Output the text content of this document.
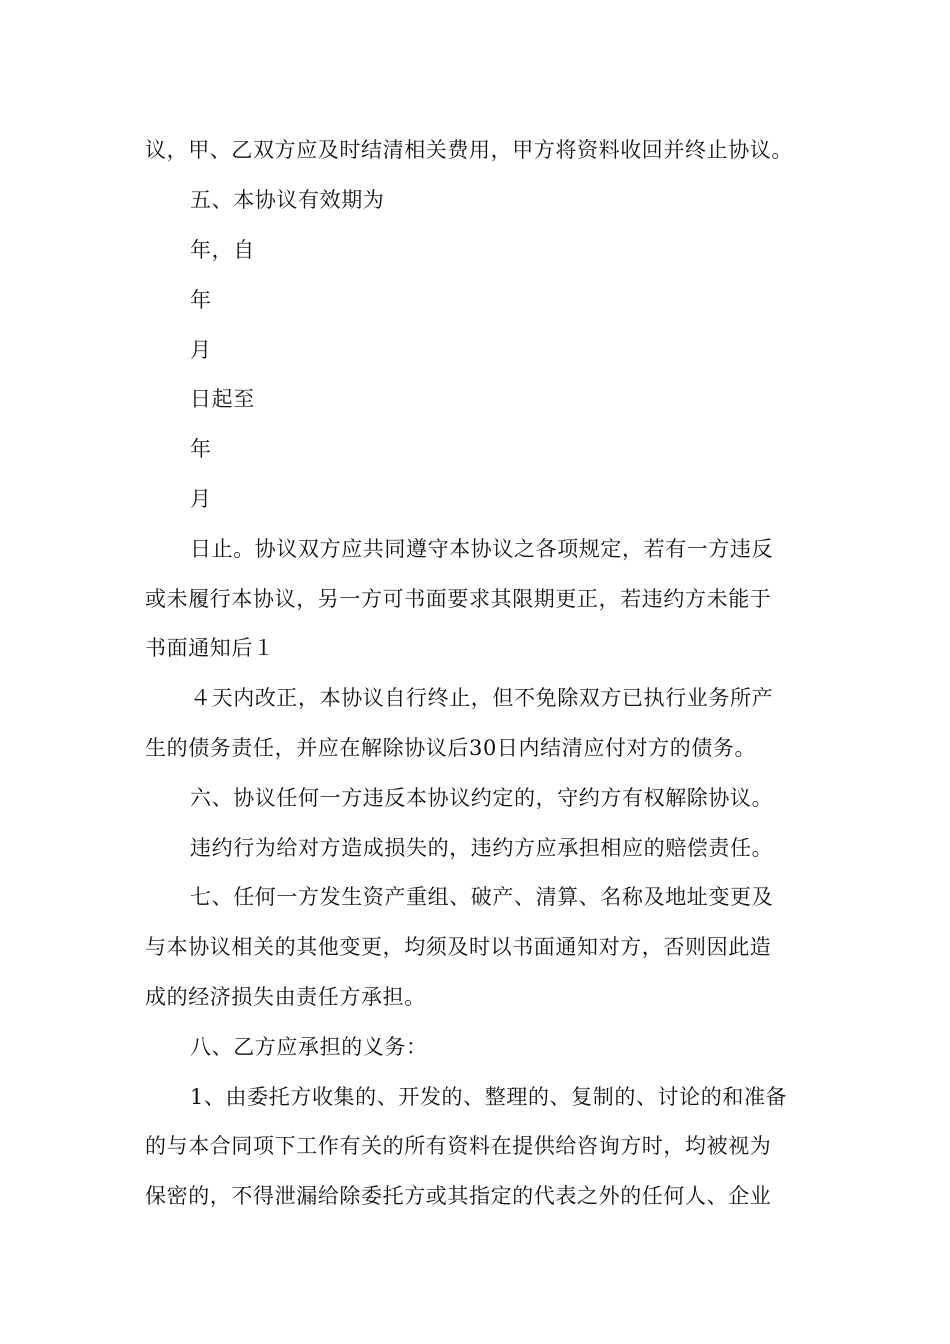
议，甲、乙双方应及时结清相关费用，甲方将资料收回并终止协议。
五、本协议有效期为
年，自
年
月
日起至
年
月
日止。协议双方应共同遵守本协议之各项规定，若有一方违反
或未履行本协议，另一方可书面要求其限期更正，若违约方未能于
书面通知后１
４天内改正，本协议自行终止，但不免除双方已执行业务所产
生的债务责任，并应在解除协议后30日内结清应付对方的债务。
六、协议任何一方违反本协议约定的，守约方有权解除协议。
违约行为给对方造成损失的，违约方应承担相应的赔偿责任。
七、任何一方发生资产重组、破产、清算、名称及地址变更及
与本协议相关的其他变更，均须及时以书面通知对方，否则因此造
成的经济损失由责任方承担。
八、乙方应承担的义务：
1、由委托方收集的、开发的、整理的、复制的、讨论的和准备
的与本合同项下工作有关的所有资料在提供给咨询方时，均被视为
保密的，不得泄漏给除委托方或其指定的代表之外的任何人、企业
